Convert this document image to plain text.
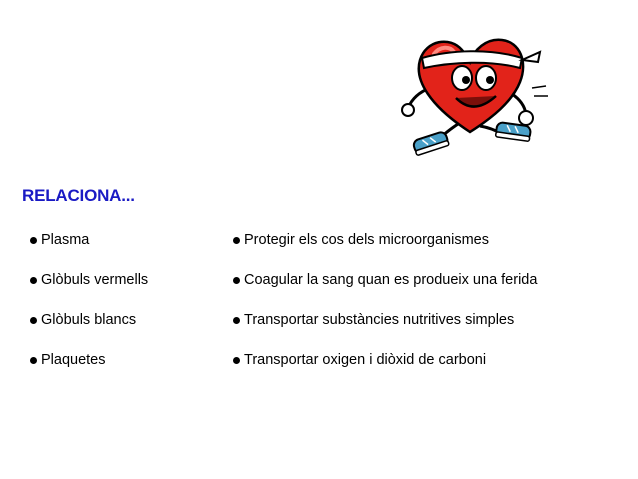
RELACIONA...
Plasma
Glòbuls vermells
Glòbuls blancs
Plaquetes
Protegir els cos dels microorganismes
Coagular la sang quan es produeix una ferida
Transportar substàncies nutritives simples
Transportar oxigen i diòxid de carboni
